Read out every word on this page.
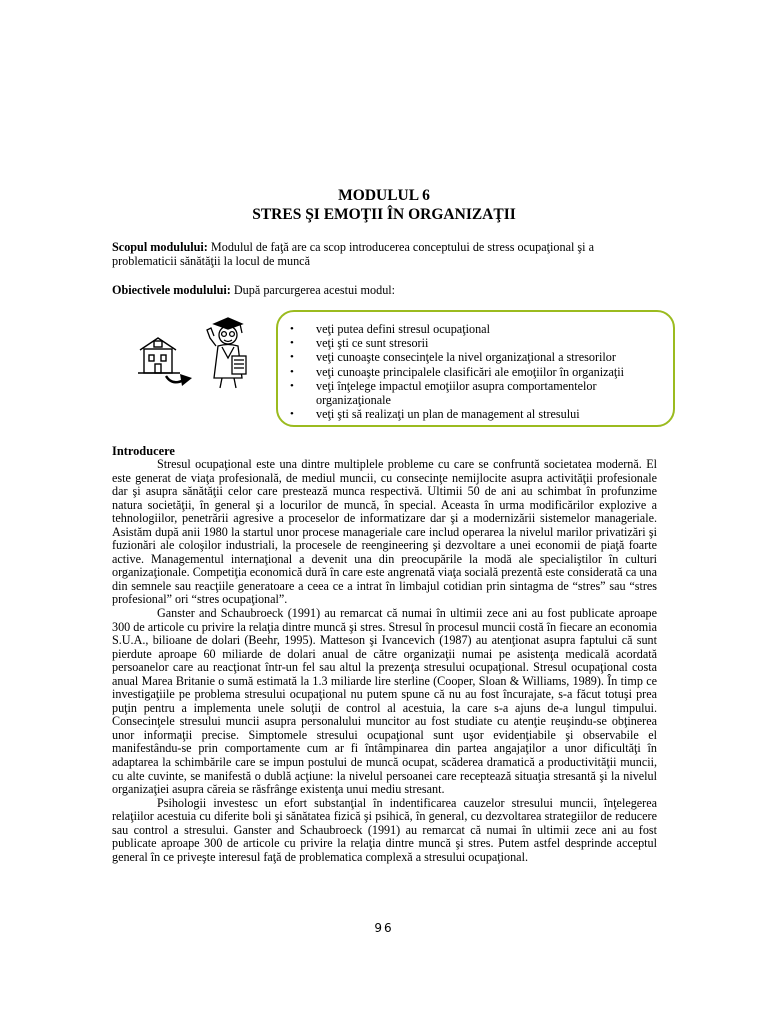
MODULUL 6
STRES ŞI EMOŢII ÎN ORGANIZAŢII
Scopul modulului: Modulul de faţă are ca scop introducerea conceptului de stress ocupaţional şi a problematicii sănătăţii la locul de muncă
Obiectivele modulului: După parcurgerea acestui modul:
• veţi putea defini stresul ocupaţional
• veţi şti ce sunt stresorii
• veţi cunoaşte consecinţele la nivel organizaţional a stresorilor
• veţi cunoaşte principalele clasificări ale emoţiilor în organizaţii
• veţi înţelege impactul emoţiilor asupra comportamentelor organizaţionale
• veţi şti să realizaţi un plan de management al stresului
Introducere

Stresul ocupaţional este una dintre multiplele probleme cu care se confruntă societatea modernă. El este generat de viaţa profesională, de mediul muncii, cu consecinţe nemijlocite asupra activităţii profesionale dar şi asupra sănătăţii celor care prestează munca respectivă. Ultimii 50 de ani au schimbat în profunzime natura societăţii, în general şi a locurilor de muncă, în special. Aceasta în urma modificărilor explozive a tehnologiilor, penetrării agresive a proceselor de informatizare dar şi a modernizării sistemelor manageriale. Asistăm după anii 1980 la startul unor procese manageriale care includ operarea la nivelul marilor privatizări şi fuzionări ale coloşilor industriali, la procesele de reengineering şi dezvoltare a unei economii de piaţă foarte active. Managementul internaţional a devenit una din preocupările la modă ale specialiştilor în culturi organizaţionale. Competiţia economică dură în care este angrenată viaţa socială prezentă este considerată ca una din semnele sau reacţiile generatoare a ceea ce a intrat în limbajul cotidian prin sintagma de “stres” sau “stres profesional” ori “stres ocupaţional”.

Ganster and Schaubroeck (1991) au remarcat că numai în ultimii zece ani au fost publicate aproape 300 de articole cu privire la relaţia dintre muncă şi stres. Stresul în procesul muncii costă în fiecare an economia S.U.A., bilioane de dolari (Beehr, 1995). Matteson şi Ivancevich (1987) au atenţionat asupra faptului că sunt pierdute aproape 60 miliarde de dolari anual de către organizaţii numai pe asistenţa medicală acordată persoanelor care au reacţionat într-un fel sau altul la prezenţa stresului ocupaţional. Stresul ocupaţional costa anual Marea Britanie o sumă estimată la 1.3 miliarde lire sterline (Cooper, Sloan & Williams, 1989). În timp ce investigaţiile pe problema stresului ocupaţional nu putem spune că nu au fost încurajate, s-a făcut totuşi prea puţin pentru a implementa unele soluţii de control al acestuia, la care s-a ajuns de-a lungul timpului. Consecinţele stresului muncii asupra personalului muncitor au fost studiate cu atenţie reuşindu-se obţinerea unor informaţii precise. Simptomele stresului ocupaţional sunt uşor evidenţiabile şi observabile el manifestându-se prin comportamente cum ar fi întâmpinarea din partea angajaţilor a unor dificultăţi în adaptarea la schimbările care se impun postului de muncă ocupat, scăderea dramatică a productivităţii muncii, cu alte cuvinte, se manifestă o dublă acţiune: la nivelul persoanei care receptează situaţia stresantă şi la nivelul organizaţiei asupra căreia se răsfrânge existenţa unui mediu stresant.

Psihologii investesc un efort substanţial în indentificarea cauzelor stresului muncii, înţelegerea relaţiilor acestuia cu diferite boli şi sănătatea fizică şi psihică, în general, cu dezvoltarea strategiilor de reducere sau control a stresului. Ganster and Schaubroeck (1991) au remarcat că numai în ultimii zece ani au fost publicate aproape 300 de articole cu privire la relaţia dintre muncă şi stres. Putem astfel desprinde acceptul general în ce priveşte interesul faţă de problematica complexă a stresului ocupaţional.

96
